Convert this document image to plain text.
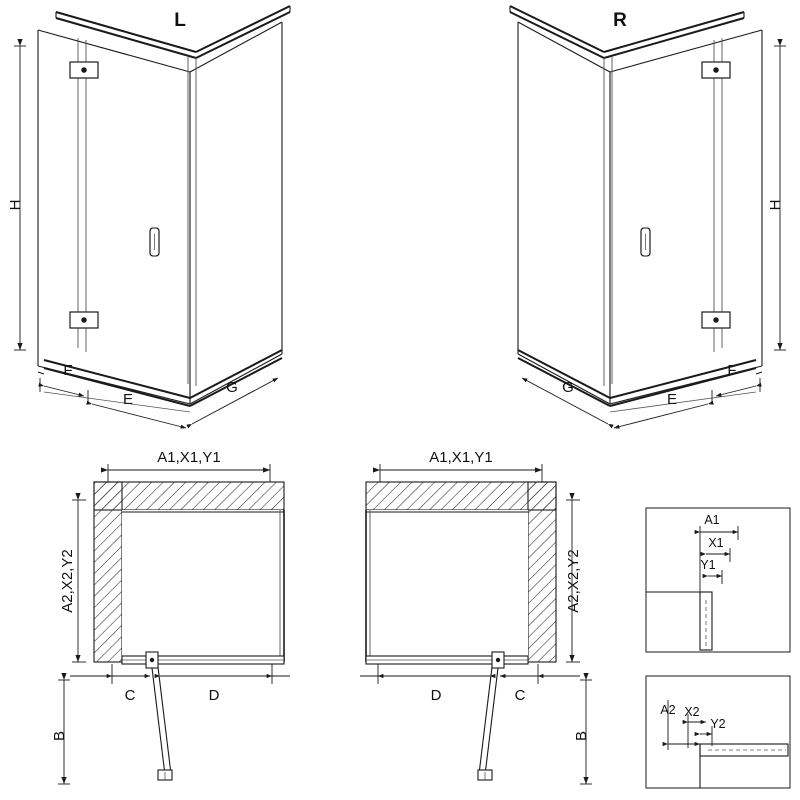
H
L
F
E
G
H
R
F
E
G
A1,X1,Y1
A2,X2,Y2
C	D
B
A1,X1,Y1
A2,X2,Y2
C
D
B
A1
X1
Y1
A2 X2
Y2
